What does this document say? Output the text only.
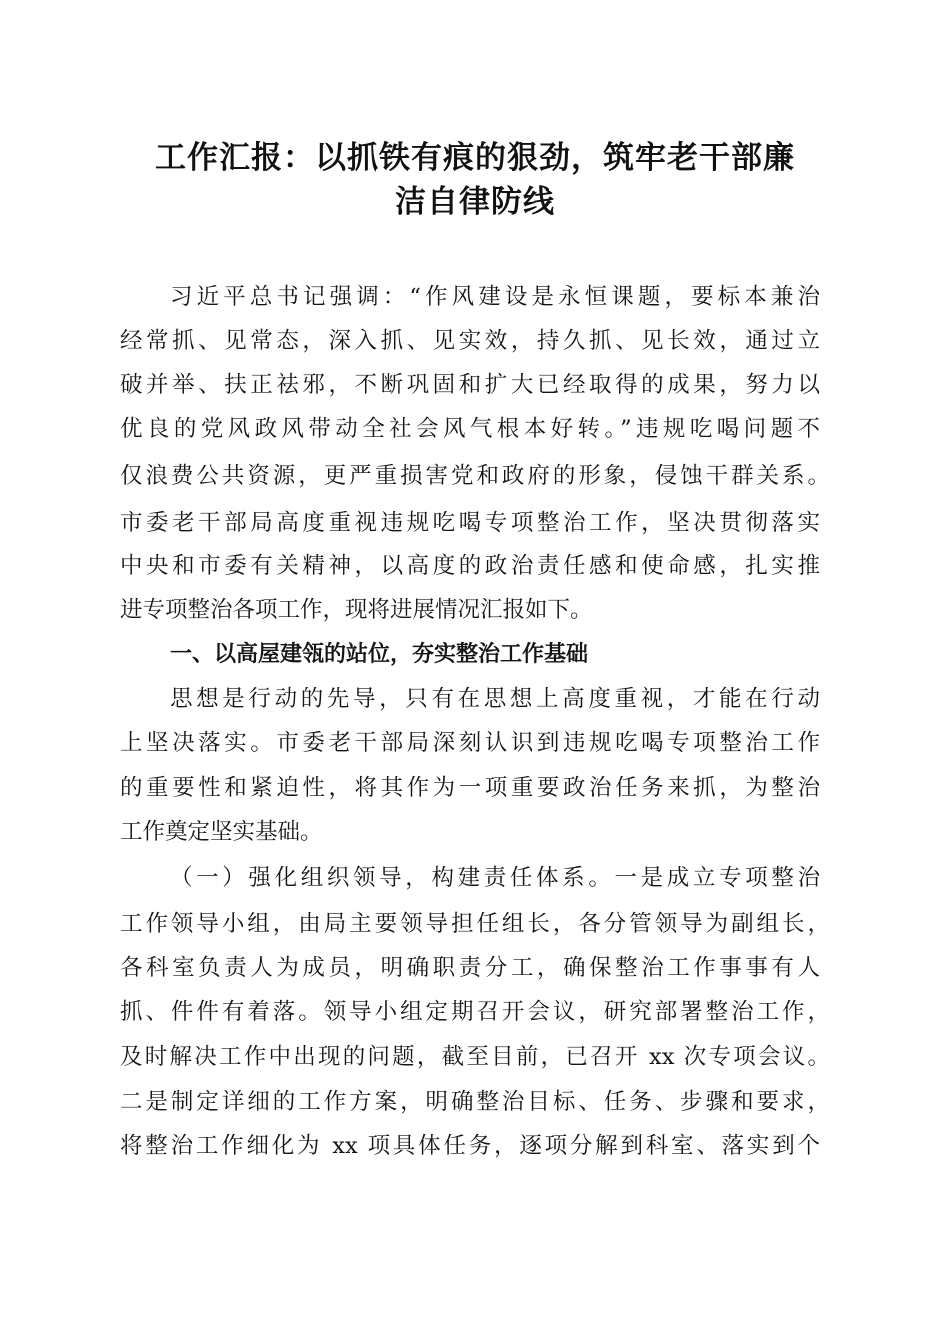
工作汇报：以抓铁有痕的狠劲，筑牢老干部廉
洁自律防线
习近平总书记强调：“作风建设是永恒课题，要标本兼治
经常抓、见常态，深入抓、见实效，持久抓、见长效，通过立
破并举、扶正祛邪，不断巩固和扩大已经取得的成果，努力以
优良的党风政风带动全社会风气根本好转。”违规吃喝问题不
仅浪费公共资源，更严重损害党和政府的形象，侵蚀干群关系。
市委老干部局高度重视违规吃喝专项整治工作，坚决贯彻落实
中央和市委有关精神，以高度的政治责任感和使命感，扎实推
进专项整治各项工作，现将进展情况汇报如下。
一、以高屋建瓴的站位，夯实整治工作基础
思想是行动的先导，只有在思想上高度重视，才能在行动
上坚决落实。市委老干部局深刻认识到违规吃喝专项整治工作
的重要性和紧迫性，将其作为一项重要政治任务来抓，为整治
工作奠定坚实基础。
（一）强化组织领导，构建责任体系。一是成立专项整治
工作领导小组，由局主要领导担任组长，各分管领导为副组长，
各科室负责人为成员，明确职责分工，确保整治工作事事有人
抓、件件有着落。领导小组定期召开会议，研究部署整治工作，
及时解决工作中出现的问题，截至目前，已召开 xx 次专项会议。
二是制定详细的工作方案，明确整治目标、任务、步骤和要求，
将整治工作细化为 xx 项具体任务，逐项分解到科室、落实到个
